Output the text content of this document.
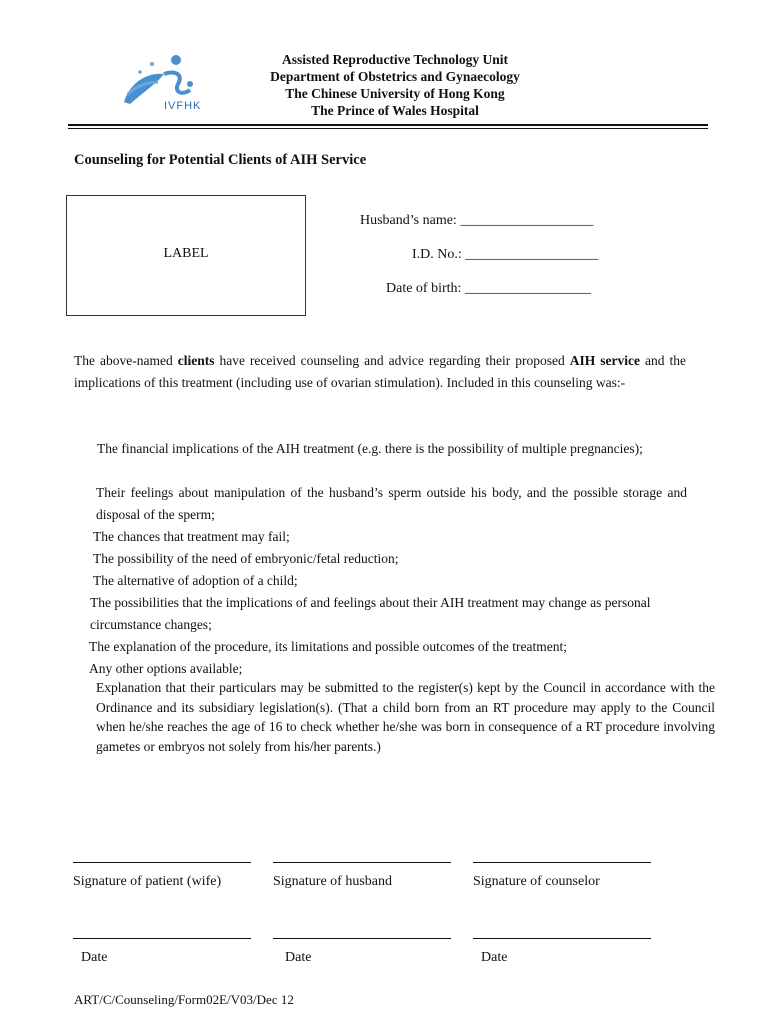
IVFHK
Assisted Reproductive Technology Unit
Department of Obstetrics and Gynaecology
The Chinese University of Hong Kong
The Prince of Wales Hospital
Counseling for Potential Clients of AIH Service
LABEL
Husband’s name: ___________________
I.D. No.: ___________________
Date of birth: __________________
The above-named clients have received counseling and advice regarding their proposed AIH service and the implications of this treatment (including use of ovarian stimulation). Included in this counseling was:-
The financial implications of the AIH treatment (e.g. there is the possibility of multiple pregnancies);
Their feelings about manipulation of the husband’s sperm outside his body, and the possible storage and disposal of the sperm;
The chances that treatment may fail;
The possibility of the need of embryonic/fetal reduction;
The alternative of adoption of a child;
The possibilities that the implications of and feelings about their AIH treatment may change as personal circumstance changes;
The explanation of the procedure, its limitations and possible outcomes of the treatment;
Any other options available;
Explanation that their particulars may be submitted to the register(s) kept by the Council in accordance with the Ordinance and its subsidiary legislation(s). (That a child born from an RT procedure may apply to the Council when he/she reaches the age of 16 to check whether he/she was born in consequence of a RT procedure involving gametes or embryos not solely from his/her parents.)
Signature of patient (wife)	Signature of husband	Signature of counselor
Date	Date	Date
ART/C/Counseling/Form02E/V03/Dec 12
